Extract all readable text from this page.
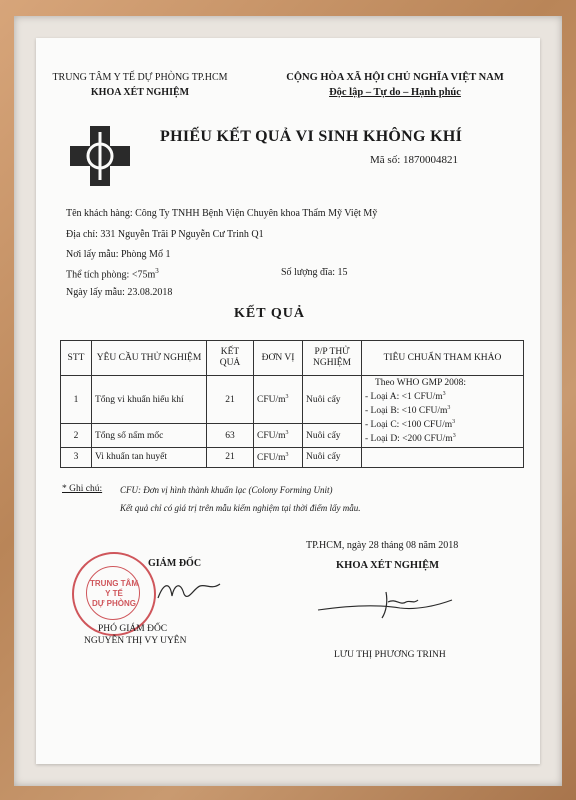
TRUNG TÂM Y TẾ DỰ PHÒNG TP.HCM
KHOA XÉT NGHIỆM
CỘNG HÒA XÃ HỘI CHỦ NGHĨA VIỆT NAM
Độc lập – Tự do – Hạnh phúc
PHIẾU KẾT QUẢ VI SINH KHÔNG KHÍ
Mã số: 1870004821
Tên khách hàng: Công Ty TNHH Bệnh Viện Chuyên khoa Thẩm Mỹ Việt Mỹ
Địa chỉ: 331 Nguyễn Trãi P Nguyễn Cư Trinh Q1
Nơi lấy mẫu: Phòng Mổ 1
Thể tích phòng: $<75m^3$	Số lượng đĩa: 15
Ngày lấy mẫu: 23.08.2018
KẾT QUẢ
STT	YÊU CẦU THỬ NGHIỆM	KẾT QUẢ	ĐƠN VỊ	P/P THỬ NGHIỆM	TIÊU CHUẨN THAM KHẢO
1	Tổng vi khuẩn hiếu khí	21	CFU/$m^3$	Nuôi cấy	Theo WHO GMP 2008:
- Loại A: <1 CFU/$m^3$
- Loại B: <10 CFU/$m^3$
- Loại C: <100 CFU/$m^3$
- Loại D: <200 CFU/$m^3$

2	Tổng số nấm mốc	63	CFU/$m^3$	Nuôi cấy	
3	Vi khuẩn tan huyết	21	CFU/$m^3$	Nuôi cấy	
* Ghi chú: CFU: Đơn vị hình thành khuẩn lạc (Colony Forming Unit)
Kết quả chỉ có giá trị trên mẫu kiểm nghiệm tại thời điểm lấy mẫu.
GIÁM ĐỐC
TRUNG TÂM
Y TẾ
DỰ PHÒNG
PHÓ GIÁM ĐỐC
NGUYỄN THỊ VY UYÊN
TP.HCM, ngày 28 tháng 08 năm 2018
KHOA XÉT NGHIỆM
LƯU THỊ PHƯƠNG TRINH
